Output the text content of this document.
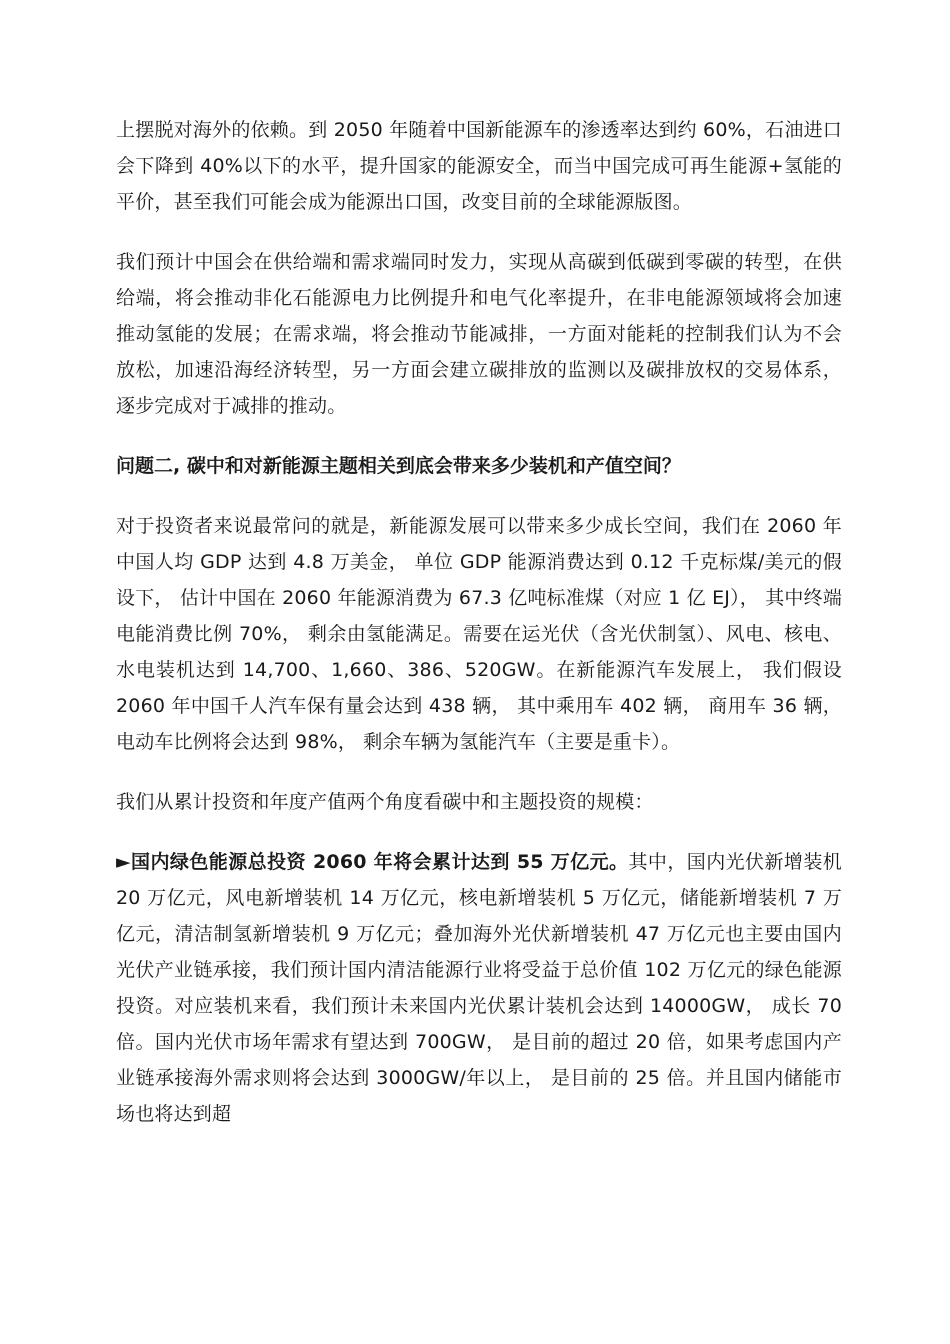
上摆脱对海外的依赖。到 2050 年随着中国新能源车的渗透率达到约 60%，石油进口会下降到 40%以下的水平，提升国家的能源安全，而当中国完成可再生能源+氢能的平价，甚至我们可能会成为能源出口国，改变目前的全球能源版图。

我们预计中国会在供给端和需求端同时发力，实现从高碳到低碳到零碳的转型，在供给端，将会推动非化石能源电力比例提升和电气化率提升，在非电能源领域将会加速推动氢能的发展；在需求端，将会推动节能减排，一方面对能耗的控制我们认为不会放松，加速沿海经济转型，另一方面会建立碳排放的监测以及碳排放权的交易体系，逐步完成对于减排的推动。

问题二, 碳中和对新能源主题相关到底会带来多少装机和产值空间？

对于投资者来说最常问的就是，新能源发展可以带来多少成长空间，我们在 2060 年中国人均 GDP 达到 4.8 万美金， 单位 GDP 能源消费达到 0.12 千克标煤/美元的假设下， 估计中国在 2060 年能源消费为 67.3 亿吨标准煤（对应 1 亿 EJ）， 其中终端电能消费比例 70%， 剩余由氢能满足。需要在运光伏（含光伏制氢）、风电、核电、水电装机达到 14,700、1,660、386、520GW。在新能源汽车发展上， 我们假设 2060 年中国千人汽车保有量会达到 438 辆， 其中乘用车 402 辆， 商用车 36 辆， 电动车比例将会达到 98%， 剩余车辆为氢能汽车（主要是重卡）。

我们从累计投资和年度产值两个角度看碳中和主题投资的规模：

►国内绿色能源总投资 2060 年将会累计达到 55 万亿元。其中，国内光伏新增装机 20 万亿元，风电新增装机 14 万亿元，核电新增装机 5 万亿元，储能新增装机 7 万亿元，清洁制氢新增装机 9 万亿元；叠加海外光伏新增装机 47 万亿元也主要由国内光伏产业链承接，我们预计国内清洁能源行业将受益于总价值 102 万亿元的绿色能源投资。对应装机来看，我们预计未来国内光伏累计装机会达到 14000GW， 成长 70 倍。国内光伏市场年需求有望达到 700GW， 是目前的超过 20 倍，如果考虑国内产业链承接海外需求则将会达到 3000GW/年以上， 是目前的 25 倍。并且国内储能市场也将达到超
